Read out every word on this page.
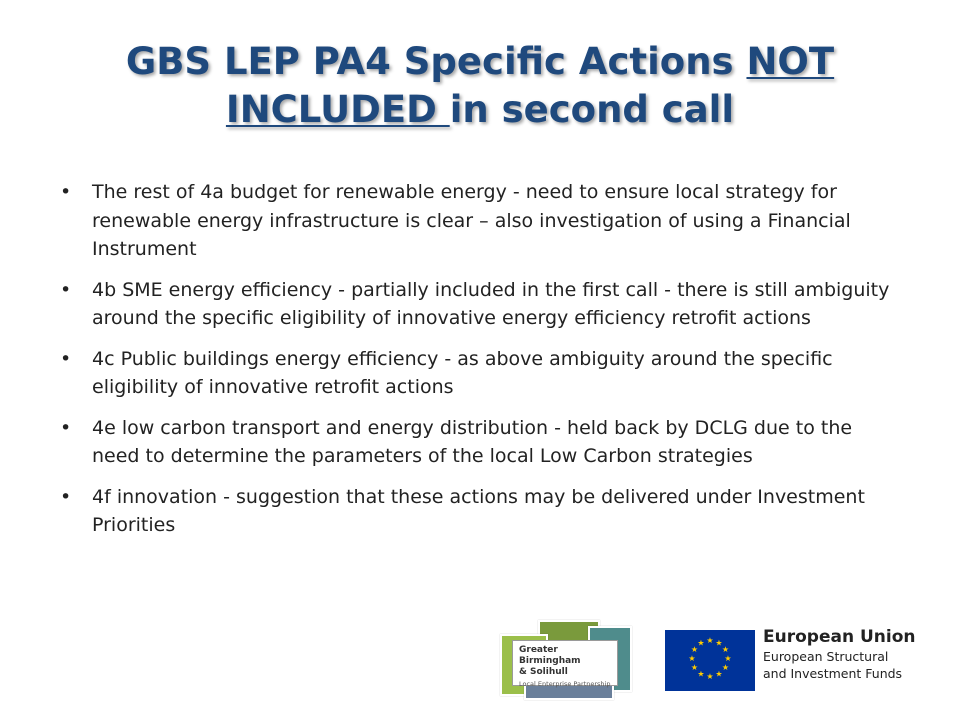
GBS LEP PA4 Specific Actions NOT INCLUDED in second call
• The rest of 4a budget for renewable energy - need to ensure local strategy for renewable energy infrastructure is clear – also investigation of using a Financial Instrument
• 4b SME energy efficiency - partially included in the first call - there is still ambiguity around the specific eligibility of innovative energy efficiency retrofit actions
• 4c Public buildings energy efficiency - as above ambiguity around the specific eligibility of innovative retrofit actions
• 4e low carbon transport and energy distribution - held back by DCLG due to the need to determine the parameters of the local Low Carbon strategies
• 4f innovation - suggestion that these actions may be delivered under Investment Priorities
Greater Birmingham
& Solihull
Local Enterprise Partnership
★ ★
★
★
★
★
★
★
★
★
★
★	European Union
European Structural
and Investment Funds
